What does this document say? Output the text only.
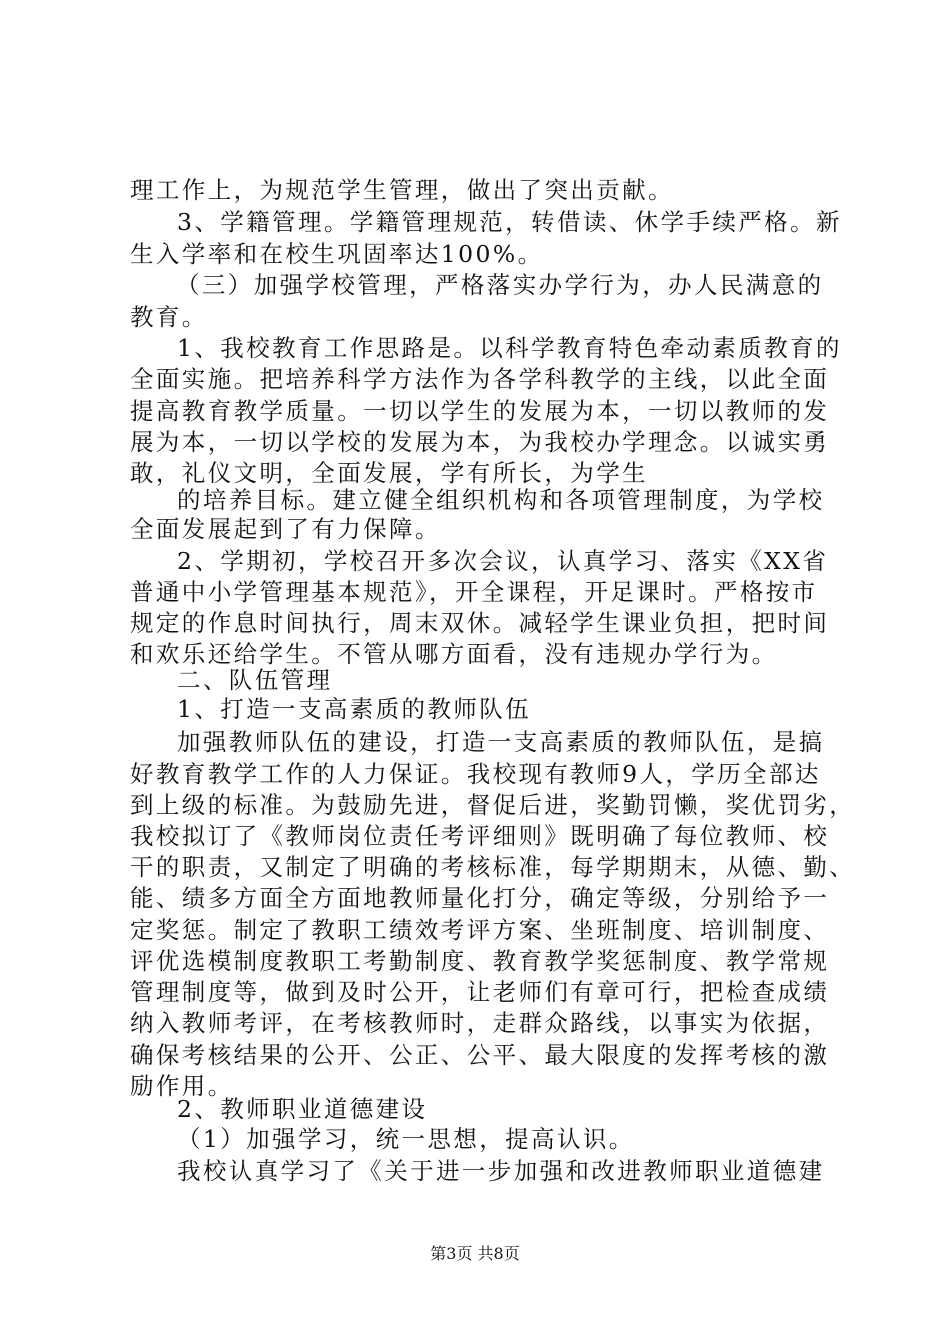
理工作上，为规范学生管理，做出了突出贡献。
3、学籍管理。学籍管理规范，转借读、休学手续严格。新
生入学率和在校生巩固率达100%。
（三）加强学校管理，严格落实办学行为，办人民满意的
教育。
1、我校教育工作思路是。以科学教育特色牵动素质教育的
全面实施。把培养科学方法作为各学科教学的主线，以此全面
提高教育教学质量。一切以学生的发展为本，一切以教师的发
展为本，一切以学校的发展为本，为我校办学理念。以诚实勇
敢，礼仪文明，全面发展，学有所长，为学生
的培养目标。建立健全组织机构和各项管理制度，为学校
全面发展起到了有力保障。
2、学期初，学校召开多次会议，认真学习、落实《XX省
普通中小学管理基本规范》，开全课程，开足课时。严格按市
规定的作息时间执行，周末双休。减轻学生课业负担，把时间
和欢乐还给学生。不管从哪方面看，没有违规办学行为。
二、队伍管理
1、打造一支高素质的教师队伍
加强教师队伍的建设，打造一支高素质的教师队伍，是搞
好教育教学工作的人力保证。我校现有教师9人，学历全部达
到上级的标准。为鼓励先进，督促后进，奖勤罚懒，奖优罚劣，
我校拟订了《教师岗位责任考评细则》既明确了每位教师、校
干的职责，又制定了明确的考核标准，每学期期末，从德、勤、
能、绩多方面全方面地教师量化打分，确定等级，分别给予一
定奖惩。制定了教职工绩效考评方案、坐班制度、培训制度、
评优选模制度教职工考勤制度、教育教学奖惩制度、教学常规
管理制度等，做到及时公开，让老师们有章可行，把检查成绩
纳入教师考评，在考核教师时，走群众路线，以事实为依据，
确保考核结果的公开、公正、公平、最大限度的发挥考核的激
励作用。
2、教师职业道德建设
（1）加强学习，统一思想，提高认识。
我校认真学习了《关于进一步加强和改进教师职业道德建
第3页 共8页
